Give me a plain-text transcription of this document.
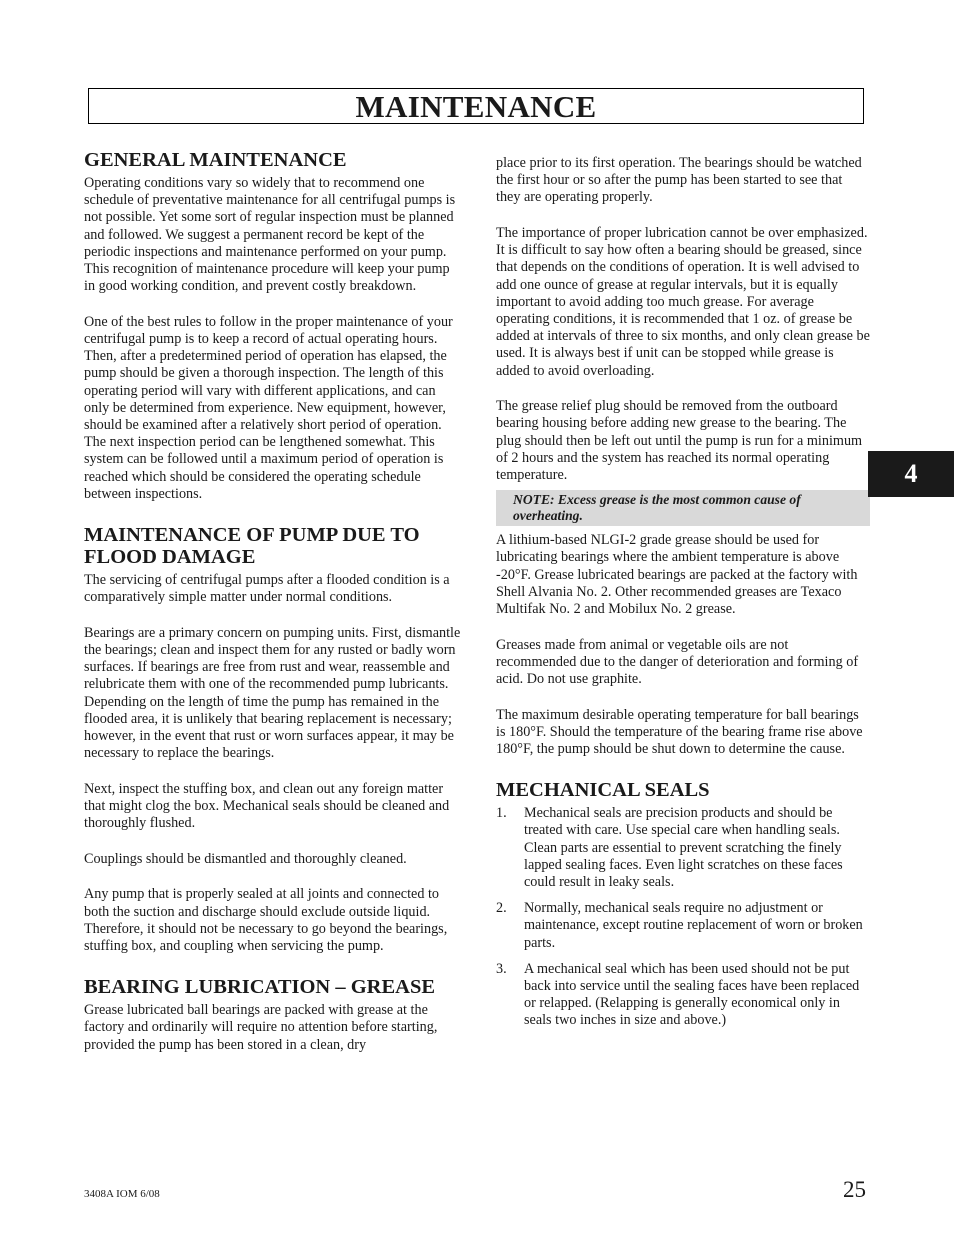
MAINTENANCE
GENERAL MAINTENANCE

Operating conditions vary so widely that to recommend one schedule of preventative maintenance for all centrifugal pumps is not possible. Yet some sort of regular inspection must be planned and followed. We suggest a permanent record be kept of the periodic inspections and maintenance performed on your pump. This recognition of maintenance procedure will keep your pump in good working condition, and prevent costly breakdown.

One of the best rules to follow in the proper maintenance of your centrifugal pump is to keep a record of actual operating hours. Then, after a predetermined period of operation has elapsed, the pump should be given a thorough inspection. The length of this operating period will vary with different applications, and can only be determined from experience. New equipment, however, should be examined after a relatively short period of operation. The next inspection period can be lengthened somewhat. This system can be followed until a maximum period of operation is reached which should be considered the operating schedule between inspections.

MAINTENANCE OF PUMP DUE TO FLOOD DAMAGE

The servicing of centrifugal pumps after a flooded condition is a comparatively simple matter under normal conditions.

Bearings are a primary concern on pumping units. First, dismantle the bearings; clean and inspect them for any rusted or badly worn surfaces. If bearings are free from rust and wear, reassemble and relubricate them with one of the recommended pump lubricants. Depending on the length of time the pump has remained in the flooded area, it is unlikely that bearing replacement is necessary; however, in the event that rust or worn surfaces appear, it may be necessary to replace the bearings.

Next, inspect the stuffing box, and clean out any foreign matter that might clog the box. Mechanical seals should be cleaned and thoroughly flushed.

Couplings should be dismantled and thoroughly cleaned.

Any pump that is properly sealed at all joints and connected to both the suction and discharge should exclude outside liquid. Therefore, it should not be necessary to go beyond the bearings, stuffing box, and coupling when servicing the pump.

BEARING LUBRICATION – GREASE

Grease lubricated ball bearings are packed with grease at the factory and ordinarily will require no attention before starting, provided the pump has been stored in a clean, dry

place prior to its first operation. The bearings should be watched the first hour or so after the pump has been started to see that they are operating properly.

The importance of proper lubrication cannot be over emphasized. It is difficult to say how often a bearing should be greased, since that depends on the conditions of operation. It is well advised to add one ounce of grease at regular intervals, but it is equally important to avoid adding too much grease. For average operating conditions, it is recommended that 1 oz. of grease be added at intervals of three to six months, and only clean grease be used. It is always best if unit can be stopped while grease is added to avoid overloading.

The grease relief plug should be removed from the outboard bearing housing before adding new grease to the bearing. The plug should then be left out until the pump is run for a minimum of 2 hours and the system has reached its normal operating temperature.

NOTE: Excess grease is the most common cause of overheating.

A lithium-based NLGI-2 grade grease should be used for lubricating bearings where the ambient temperature is above -20°F. Grease lubricated bearings are packed at the factory with Shell Alvania No. 2. Other recommended greases are Texaco Multifak No. 2 and Mobilux No. 2 grease.

Greases made from animal or vegetable oils are not recommended due to the danger of deterioration and forming of acid. Do not use graphite.

The maximum desirable operating temperature for ball bearings is 180°F. Should the temperature of the bearing frame rise above 180°F, the pump should be shut down to determine the cause.

MECHANICAL SEALS
1.	Mechanical seals are precision products and should be treated with care. Use special care when handling seals. Clean parts are essential to prevent scratching the finely lapped sealing faces. Even light scratches on these faces could result in leaky seals.
2.	Normally, mechanical seals require no adjustment or maintenance, except routine replacement of worn or broken parts.
3.	A mechanical seal which has been used should not be put back into service until the sealing faces have been replaced or relapped. (Relapping is generally economical only in seals two inches in size and above.)
4
3408A IOM 6/08	25
